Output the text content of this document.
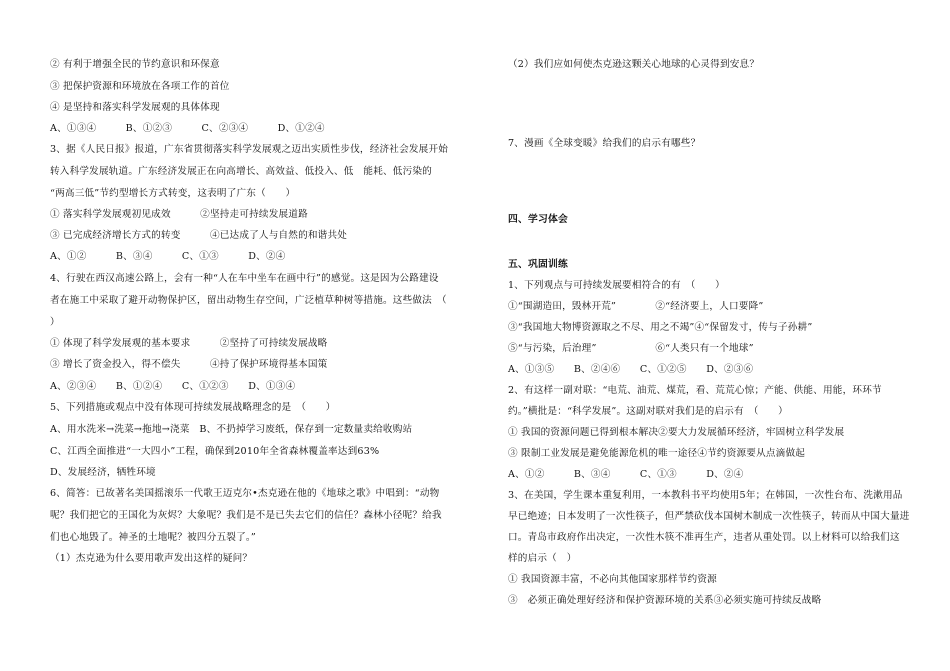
② 有利于增强全民的节约意识和环保意
③ 把保护资源和环境放在各项工作的首位
④ 是坚持和落实科学发展观的具体体现
A、①③④　　　B、①②③　　　C、②③④　　　D、①②④
3、据《人民日报》报道，广东省贯彻落实科学发展观之迈出实质性步伐，经济社会发展开始
转入科学发展轨道。广东经济发展正在向高增长、高效益、低投入、低　能耗、低污染的
“两高三低”节约型增长方式转变，这表明了广东（　　）
① 落实科学发展观初见成效　　　②坚持走可持续发展道路
③ 已完成经济增长方式的转变　　　④已达成了人与自然的和谐共处
A、①②　　　B、③④　　　C、①③　　　D、②④
4、行驶在西汉高速公路上，会有一种“人在车中坐车在画中行”的感觉。这是因为公路建设
者在施工中采取了避开动物保护区，留出动物生存空间，广泛植草种树等措施。这些做法　（
）
① 体现了科学发展观的基本要求　　　②坚持了可持续发展战略
③ 增长了资金投入，得不偿失　　　④持了保护环境得基本国策
A、②③④　　B、①②④　　C、①②③　　D、①③④
5、下列措施或观点中没有体现可持续发展战略理念的是　（　　）
A、用水洗米→洗菜→拖地→浇菜　B、不扔掉学习废纸，保存到一定数量卖给收购站
C、江西全面推进“一大四小”工程，确保到2010年全省森林覆盖率达到63%
D、发展经济，牺牲环境
6、简答：已故著名美国摇滚乐一代歌王迈克尔•杰克逊在他的《地球之歌》中唱到：“动物
呢？我们把它的王国化为灰烬？大象呢？我们是不是已失去它们的信任？森林小径呢？给我
们也心地毁了。神圣的土地呢？被四分五裂了。”
（1）杰克逊为什么要用歌声发出这样的疑问？
（2）我们应如何使杰克逊这颗关心地球的心灵得到安息？
7、漫画《全球变暖》给我们的启示有哪些？
四、学习体会
五、巩固训练
1、下列观点与可持续发展要相符合的有　（　　）
①“围湖造田，毁林开荒”　　　　②“经济要上，人口要降”
③“我国地大物博资源取之不尽、用之不竭”④“保留发寸，传与子孙耕”
⑤“与污染，后治理”　　　　　　⑥“人类只有一个地球”
A、①③⑤　　B、②④⑥　　C、①②⑤　　D、②③⑥
2、有这样一副对联：“电荒、油荒、煤荒，看、荒荒心惊；产能、供能、用能，环环节
约。”横批是：“科学发展”。这副对联对我们是的启示有　（　　）
① 我国的资源问题已得到根本解决②要大力发展循环经济，牢固树立科学发展
③ 限制工业发展是避免能源危机的唯一途径④节约资源要从点滴做起
A、①②　　　B、③④　　　C、①③　　　D、②④
3、在美国，学生课本重复利用，一本教科书平均使用5年；在韩国，一次性台布、洗漱用品
早已绝迹；日本发明了一次性筷子，但严禁砍伐本国树木制成一次性筷子，转而从中国大量进
口。青岛市政府作出决定，一次性木筷不准再生产，违者从重处罚。以上材料可以给我们这
样的启示（　）
① 我国资源丰富，不必向其他国家那样节约资源
③　必须正确处理好经济和保护资源环境的关系③必须实施可持续反战略
